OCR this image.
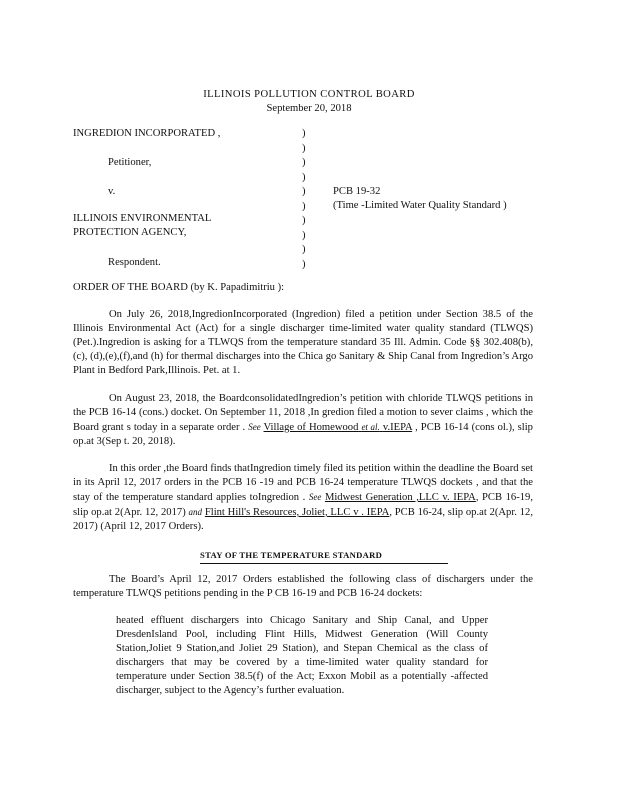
ILLINOIS POLLUTION CONTROL BOARD
September 20, 2018
INGREDION INCORPORATED ,
Petitioner,
v.
ILLINOIS ENVIRONMENTAL
PROTECTION AGENCY,
Respondent.
)
)
)
)
)
)
)
)
)
)
PCB 19-32
(Time -Limited Water Quality Standard )
ORDER OF THE BOARD (by K. Papadimitriu ):
On July 26, 2018,IngredionIncorporated (Ingredion) filed a petition under Section 38.5 of the Illinois Environmental Act (Act) for a single discharger time-limited water quality standard (TLWQS) (Pet.).Ingredion is asking for a TLWQS from the temperature standard 35 Ill. Admin. Code §§ 302.408(b), (c), (d),(e),(f),and (h) for thermal discharges into the Chica go Sanitary & Ship Canal from Ingredion’s Argo Plant in Bedford Park,Illinois. Pet. at 1.
On August 23, 2018, the BoardconsolidatedIngredion’s petition with chloride TLWQS petitions in the PCB 16-14 (cons.) docket. On September 11, 2018 ,In gredion filed a motion to sever claims , which the Board grant s today in a separate order . See Village of Homewood et al. v.IEPA , PCB 16-14 (cons ol.), slip op.at 3(Sep t. 20, 2018).
In this order ,the Board finds thatIngredion timely filed its petition within the deadline the Board set in its April 12, 2017 orders in the PCB 16 -19 and PCB 16-24 temperature TLWQS dockets , and that the stay of the temperature standard applies toIngredion . See Midwest Generation ,LLC v. IEPA, PCB 16-19, slip op.at 2(Apr. 12, 2017) and Flint Hill's Resources, Joliet, LLC v . IEPA, PCB 16-24, slip op.at 2(Apr. 12, 2017) (April 12, 2017 Orders).
STAY OF THE TEMPERATURE STANDARD
The Board’s April 12, 2017 Orders established the following class of dischargers under the temperature TLWQS petitions pending in the P CB 16-19 and PCB 16-24 dockets:
heated effluent dischargers into Chicago Sanitary and Ship Canal, and Upper DresdenIsland Pool, including Flint Hills, Midwest Generation (Will County Station,Joliet 9 Station,and Joliet 29 Station), and Stepan Chemical as the class of dischargers that may be covered by a time-limited water quality standard for temperature under Section 38.5(f) of the Act; Exxon Mobil as a potentially -affected discharger, subject to the Agency’s further evaluation.
